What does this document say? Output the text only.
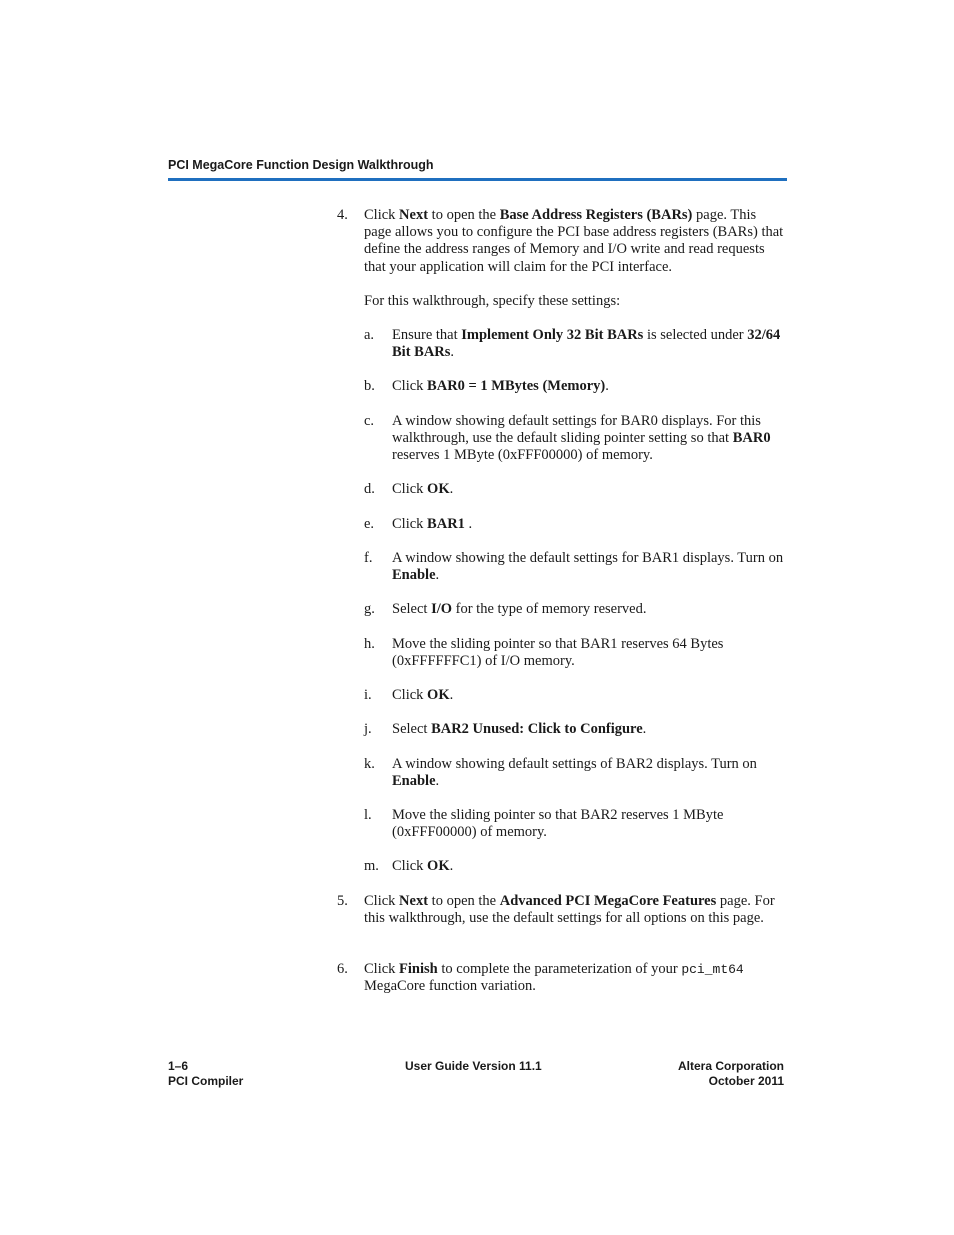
PCI MegaCore Function Design Walkthrough
4. Click Next to open the Base Address Registers (BARs) page. This page allows you to configure the PCI base address registers (BARs) that define the address ranges of Memory and I/O write and read requests that your application will claim for the PCI interface.
For this walkthrough, specify these settings:
a. Ensure that Implement Only 32 Bit BARs is selected under 32/64 Bit BARs.
b. Click BAR0 = 1 MBytes (Memory).
c. A window showing default settings for BAR0 displays. For this walkthrough, use the default sliding pointer setting so that BAR0 reserves 1 MByte (0xFFF00000) of memory.
d. Click OK.
e. Click BAR1 .
f. A window showing the default settings for BAR1 displays. Turn on Enable.
g. Select I/O for the type of memory reserved.
h. Move the sliding pointer so that BAR1 reserves 64 Bytes (0xFFFFFFC1) of I/O memory.
i. Click OK.
j. Select BAR2 Unused: Click to Configure.
k. A window showing default settings of BAR2 displays. Turn on Enable.
l. Move the sliding pointer so that BAR2 reserves 1 MByte (0xFFF00000) of memory.
m. Click OK.
5. Click Next to open the Advanced PCI MegaCore Features page. For this walkthrough, use the default settings for all options on this page.
6. Click Finish to complete the parameterization of your pci_mt64 MegaCore function variation.
1–6
PCI Compiler
User Guide Version 11.1	Altera Corporation
October 2011
